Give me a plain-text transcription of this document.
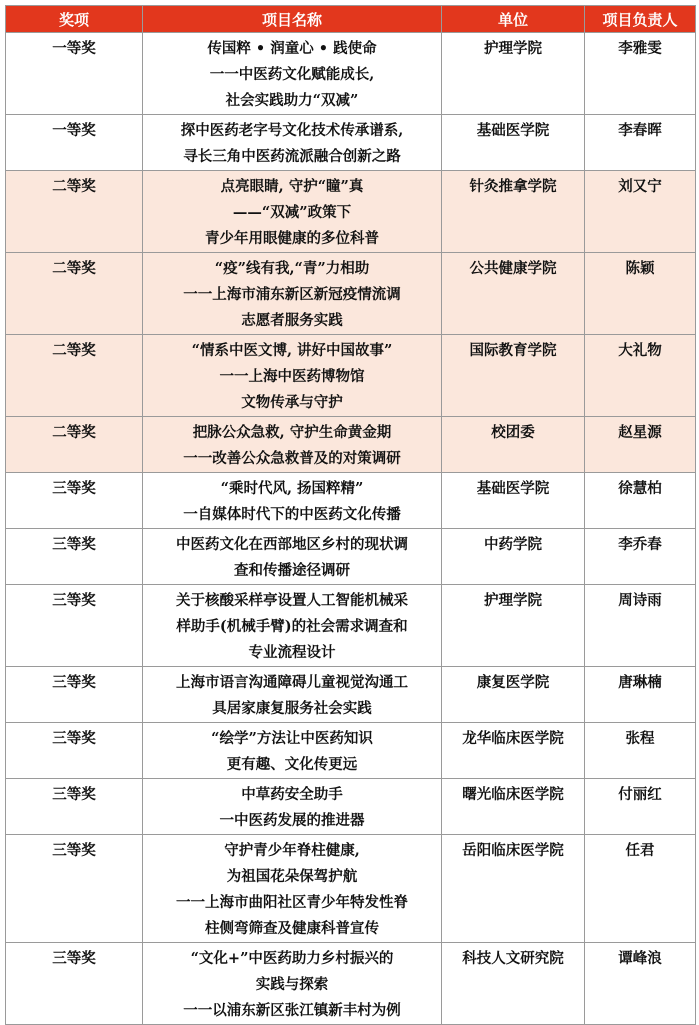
奖项	项目名称	单位	项目负责人
一等奖	传国粹 • 润童心 • 践使命
一一中医药文化赋能成长,
社会实践助力“双减”	护理学院	李雅雯
一等奖	探中医药老字号文化技术传承谱系,
寻长三角中医药流派融合创新之路	基础医学院	李春晖
二等奖	点亮眼睛, 守护“瞳”真
——“双减”政策下
青少年用眼健康的多位科普	针灸推拿学院	刘又宁
二等奖	“疫”线有我,“青”力相助
一一上海市浦东新区新冠疫情流调
志愿者服务实践	公共健康学院	陈颖
二等奖	“情系中医文博, 讲好中国故事”
一一上海中医药博物馆
文物传承与守护	国际教育学院	大礼物
二等奖	把脉公众急救, 守护生命黄金期
一一改善公众急救普及的对策调研	校团委	赵星源
三等奖	“乘时代风, 扬国粹精”
一自媒体时代下的中医药文化传播	基础医学院	徐慧柏
三等奖	中医药文化在西部地区乡村的现状调
查和传播途径调研	中药学院	李乔春
三等奖	关于核酸采样亭设置人工智能机械采
样助手(机械手臂)的社会需求调查和
专业流程设计	护理学院	周诗雨
三等奖	上海市语言沟通障碍儿童视觉沟通工
具居家康复服务社会实践	康复医学院	唐琳楠
三等奖	“绘学”方法让中医药知识
更有趣、文化传更远	龙华临床医学院	张程
三等奖	中草药安全助手
一中医药发展的推进器	曙光临床医学院	付丽红
三等奖	守护青少年脊柱健康,
为祖国花朵保驾护航
一一上海市曲阳社区青少年特发性脊
柱侧弯筛查及健康科普宣传	岳阳临床医学院	任君
三等奖	“文化+”中医药助力乡村振兴的
实践与探索
一一以浦东新区张江镇新丰村为例	科技人文研究院	谭峰浪
